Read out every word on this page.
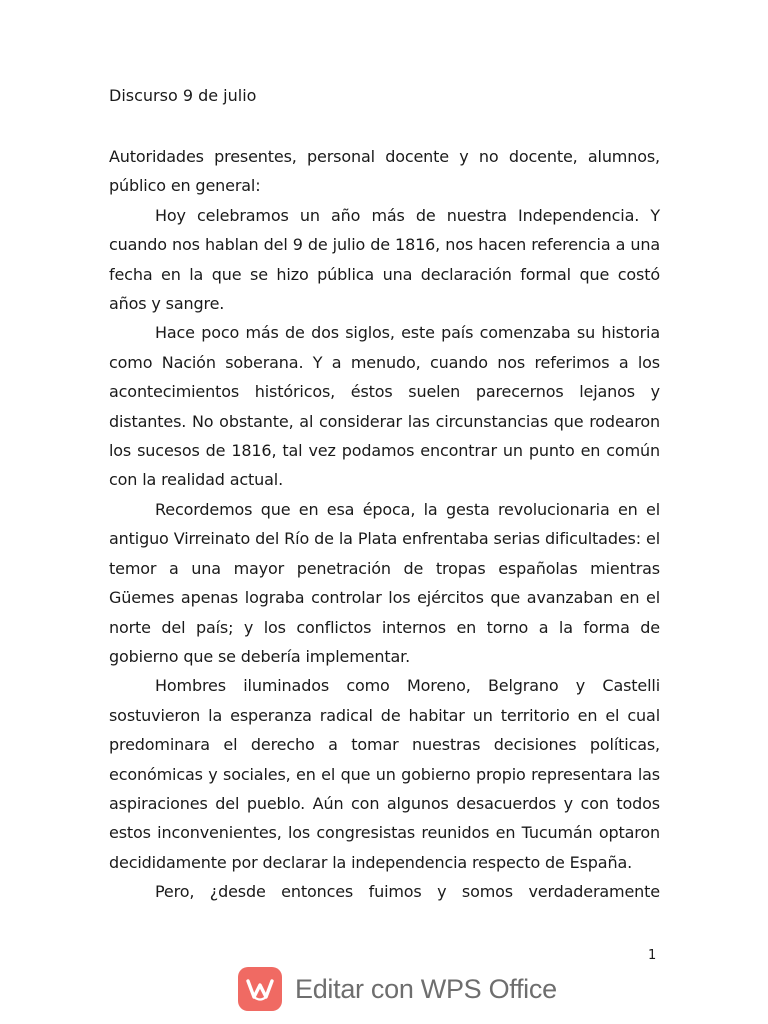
Discurso 9 de julio

Autoridades presentes, personal docente y no docente, alumnos, público en general:

Hoy celebramos un año más de nuestra Independencia. Y cuando nos hablan del 9 de julio de 1816, nos hacen referencia a una fecha en la que se hizo pública una declaración formal que costó años y sangre.

Hace poco más de dos siglos, este país comenzaba su historia como Nación soberana. Y a menudo, cuando nos referimos a los acontecimientos históricos, éstos suelen parecernos lejanos y distantes. No obstante, al considerar las circunstancias que rodearon los sucesos de 1816, tal vez podamos encontrar un punto en común con la realidad actual.

Recordemos que en esa época, la gesta revolucionaria en el antiguo Virreinato del Río de la Plata enfrentaba serias dificultades: el temor a una mayor penetración de tropas españolas mientras Güemes apenas lograba controlar los ejércitos que avanzaban en el norte del país; y los conflictos internos en torno a la forma de gobierno que se debería implementar.

Hombres iluminados como Moreno, Belgrano y Castelli sostuvieron la esperanza radical de habitar un territorio en el cual predominara el derecho a tomar nuestras decisiones políticas, económicas y sociales, en el que un gobierno propio representara las aspiraciones del pueblo. Aún con algunos desacuerdos y con todos estos inconvenientes, los congresistas reunidos en Tucumán optaron decididamente por declarar la independencia respecto de España.

Pero, ¿desde entonces fuimos y somos verdaderamente

1
Editar con WPS Office
